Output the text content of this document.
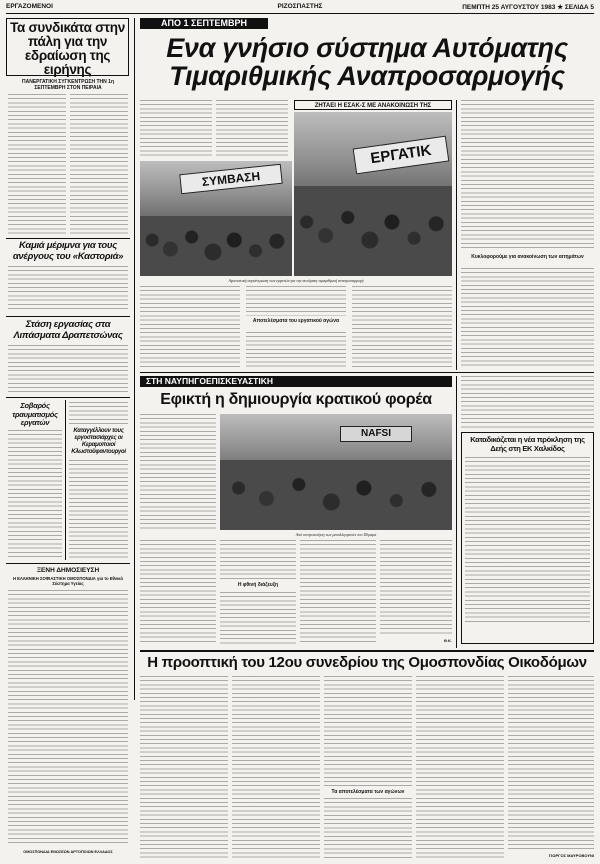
ΕΡΓΑΖΟΜΕΝΟΙ	ΡΙΖΟΣΠΑΣΤΗΣ	ΠΕΜΠΤΗ 25 ΑΥΓΟΥΣΤΟΥ 1983 ★ ΣΕΛΙΔΑ 5
Τα συνδικάτα στην πάλη για την εδραίωση της ειρήνης
ΠΑΝΕΡΓΑΤΙΚΗ ΣΥΓΚΕΝΤΡΩΣΗ ΤΗΝ 1η ΣΕΠΤΕΜΒΡΗ ΣΤΟΝ ΠΕΙΡΑΙΑ
Καμιά μέριμνα για τους ανέργους του «Καστοριά»
Στάση εργασίας στα Λιπάσματα Δραπετσώνας
Σοβαρός τραυματισμός εργατών
Καταγγέλλουν τους εργοστασιάρχες οι Κεραμοποιοί Κλωστοϋφαντουργοί
ΞΕΝΗ ΔΗΜΟΣΙΕΥΣΗ
Η ΕΛΛΗΝΙΚΗ ΣΟΦΙΑΣΤΙΚΗ ΟΜΟΣΠΟΝΔΙΑ για το Εθνικό Σύστημα Υγείας
ΟΜΟΣΠΟΝΔΙΑ ΕΝΩΣΕΩΝ ΑΡΤΟΠΟΙΩΝ ΕΛΛΑΔΟΣ
ΑΠΟ 1 ΣΕΠΤΕΜΒΡΗ
Ενα γνήσιο σύστημα Αυτόματης Τιμαριθμικής Αναπροσαρμογής
ΖΗΤΑΕΙ Η ΕΣΑΚ-Σ ΜΕ ΑΝΑΚΟΙΝΩΣΗ ΤΗΣ
ΣΥΜΒΑΣΗ
ΕΡΓΑΤΙΚ
Αγωνιστική συγκέντρωση των εργατών για την αυτόματη τιμαριθμική αναπροσαρμογή
Αποτελέσματα του εργατικού αγώνα
Κυκλοφορούμε για ανακοίνωση των αιτημάτων
ΣΤΗ ΝΑΥΠΗΓΟΕΠΙΣΚΕΥΑΣΤΙΚΗ
Εφικτή η δημιουργία κρατικού φορέα
NAFSI
Από κινητοποίηση των μεταλλεργατών στο Πέραμα
Η φθινή διάζευξη
Θ.Κ.
Καταδικάζεται η νέα πρόκληση της Δεής στη ΕΚ Χαλκίδος
Η προοπτική του 12ου συνεδρίου της Ομοσπονδίας Οικοδόμων
Τα αποτελέσματα των αγώνων
ΓΙΩΡΓΟΣ ΜΑΥΡΟΒΟΥΝΙ
